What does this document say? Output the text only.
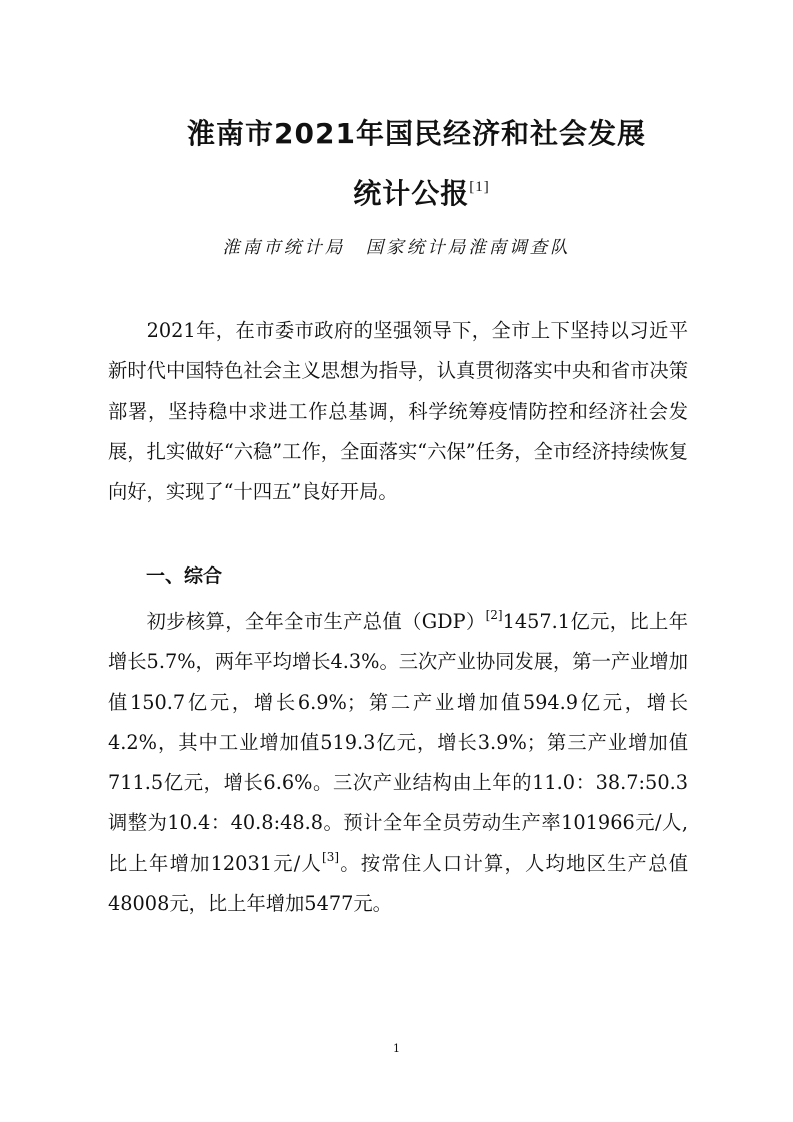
淮南市2021年国民经济和社会发展
统计公报[1]

淮南市统计局　国家统计局淮南调查队

2021年，在市委市政府的坚强领导下，全市上下坚持以习近平新时代中国特色社会主义思想为指导，认真贯彻落实中央和省市决策部署，坚持稳中求进工作总基调，科学统筹疫情防控和经济社会发展，扎实做好“六稳”工作，全面落实“六保”任务，全市经济持续恢复向好，实现了“十四五”良好开局。

一、综合

初步核算，全年全市生产总值（GDP）[2]1457.1亿元，比上年增长5.7%，两年平均增长4.3%。三次产业协同发展，第一产业增加值150.7亿元，增长6.9%；第二产业增加值594.9亿元，增长4.2%，其中工业增加值519.3亿元，增长3.9%；第三产业增加值711.5亿元，增长6.6%。三次产业结构由上年的11.0：38.7:50.3调整为10.4：40.8:48.8。预计全年全员劳动生产率101966元/人,比上年增加12031元/人[3]。按常住人口计算，人均地区生产总值48008元，比上年增加5477元。

1
